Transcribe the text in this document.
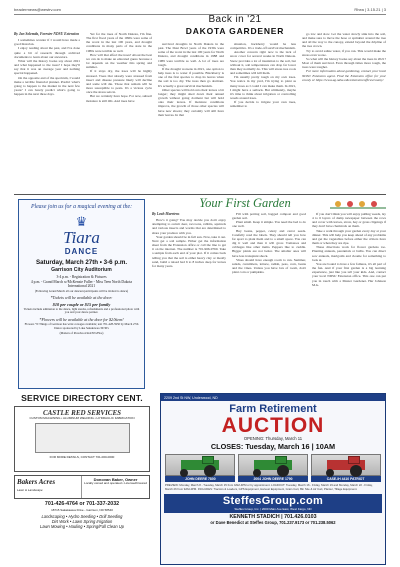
beadermews@westrv.com	Rhea | 3.15.21 | 3
Back in '21
DAKOTA GARDENER
By Jan Solemda, Forester NDSU Extension

I sometimes wonder if I would have made a good historian.

I enjoy reading about the past, and I've done quite a bit of research through archived documents to learn about our ancestors.

What will the history books say about 2021 and what happened to the trees? I hope they'll say that it was an average year and nothing special happened.

On the opposite end of the spectrum, I would make a terrible financial planner. Predict what's going to happen to the market in the next few years? I can barely predict what's going to happen in the next three days.

Yet for the trees of North Dakota, I'm fine. The first flood years of the 1990s were some of the worst in the last 100 years, and drought conditions in many parts of the state in the 1980s were terrible as well.

How will that affect the trees? About the best we can do is make an educated guess because a lot depends on the weather this spring and summer.

If it stays dry, the trees will be highly stressed. Trees that already were stressed from insect and disease pressure likely will decline and some will die. Those that remain will be more susceptible to pests. It's a vicious cycle once the stress sets in.

But we certainly have hope. For now, subsoil moisture is still OK. And trees have

survived droughts in North Dakota in the past. The Dust Bowl years of the 1930s were some of the worst in the last 100 years for North Dakota, and drought conditions in 1988 and 1989 were terrible as well. A lot of trees are tough.

If the drought worsens in 2021, one option to help trees is to water if possible. Blackberry is one of the first species to drop its leaves when the soil is too dry. The trees then go dormant. It's actually a great survival mechanism.

Other species will hold onto their leaves a bit longer; they might shed down their annual growth without going dormant but will hold onto their leaves. If moisture conditions improve, the growth of those other species will have new shoots; they certainly will still have their leaves. In that

situation, hackberry would be less competitive. It's a trade-off survival mechanism.

Another concern right now is the lack of snow cover for several weeks in North Dakota. Snow provides a lot of insulation to the soil, but without it, soil temperatures can drop far lower than they normally do. This will stress tree roots and sometimes will kill them.

I'm usually pretty tough on my own trees. You notice in my yard, I'm trying to plant as many trees as I could I can make them. In 2021, I might have a setback. But ultimately, maybe it's time to think about irrigation or controlling weeds around trees.

If you decide to irrigate your own trees, remember to

go low and slow. Let the water slowly sink into the soil, and make sure to move the hose or sprinkler around the tree and all the way to the canopy, extend beyond the dripline of the tree crown.

Try to avoid saline water, if you can. This would make the stress even worse.

So what will the history books say about the trees in 2021? Most of them survived. Even through times more tough, the trees were tougher.

For more information about gardening, contact your local NDSU Extension agent. Find the Extension office for your county or https://www.ag.ndsu.edu/extension/offices/county/

Please join us for a magical evening at the:
♛
Tiara
DANCE
Saturday, March 27th • 3-6 p.m.
Garrison City Auditorium
3-4 p.m. - Registration & Pictures
4 p.m. - Grand March w/McKenzie Fuller - Miss Teen North Dakota International 2021
(Following Grand March all our dancers/participants will be invited to dance)
*Tickets will be available at the door:
$10 per couple or $15 per family
Tickets include admission to the dance, light snacks, refreshments and a professional photo with you and your dance partner.
*Flowers will be available at the door for $2/Stem!
Flowers "N Things of Garrison has wrist corsages available; text 701-428-5950 by March 27th
Dance sponsored by Lake Sakakawea 30/30's
(Matters of Preschool/4x4/30's/Hoe)
Your First Garden
By Leah Maertens

How's it going? You may decide you don't enjoy attempting to outwit deer, raccoons, rabbits, squirrels and various insects and worms that are determined to share your produce with you.

Your garden should be in full sun. Now, take it out. Next get a soil sample. Either get the information sheet from the Extension office or call the line to get it on the internet. The number is 701-966-9760. Take a sample from each end of your plot. If it comes back telling you that the soil is either heavy clay or mostly sand, build a raised bed 6 to 8 inches deep for leaves for many years.

Fill with potting soil, bagged compost and good garden soil.

Plant small. Keep it simple. You need the bed to do one well.

Buy beans, pepper, celery and carrot seeds. Carefully read the labels. They should tell you how far apart to plant them and to a small space. You can dig it well and then it will grow. Tomatoes and cabbages like other items. Peppers like to cuddle. Bigger plants are not better. The smaller ones will have less transplant shock.

Vines should have enough room to run. Summer, salads, cucumbers, lettuce, radish, peas, corn, beans and the vines. Unless you have lots of room, don't plant corn or pumpkins.

If you don't think you will enjoy pulling weeds, lay 4 to 6 layers of damp newspaper between the rows and cover with leaves, straw, hay or grass clippings if they don't have chemicals on them.

Take a walk through your garden every day at your dinner. This will help you keep ahead of any problems and get the vegetables before either the critters have them or when they are ripe.

These directions work for flower gardens too. Planting annuals, perennials or bulbs. You can direct sow annuals, marigolds and cleome for something to look at.

You are bound to have a few failures, it's all part of the fun. And if your first garden is a big learning experience, just like you tell your kids. And, contact your local NDSU Extension office. This one can put you in touch with a Master Gardener. Her Johnson M.G.

SERVICE DIRECTORY CENT.
CASTLE RED SERVICES
CUSTOM MACHINING • ALUMINUM WELDING • HYDRAULIC FABRICATION
FOR MORE DETAILS, CONTACT 701-000-0000
Bakers Acres
Lawn & Landscape
Donovan Baker, Owner
Locally owned and operated • Licensed/insured
701-426-4764 or 701-337-2032
18715 Sakakawea Drive - Garrison, ND 58540
Landscaping • Hydro Seeding • Drill Seeding
Dirt Work • Lawn Spring Irrigation
Lawn Mowing • Hauling • Spring/Fall Clean Up
2209 2nd St NW, Underwood, ND
Farm Retirement
AUCTION
OPENING: Thursday, March 11
CLOSES: Tuesday, March 16 | 10AM
JOHN DEERE 7800	2004 JOHN DEERE 1790	CASE-IH 4410 PATRIOT
PREVIEW: Monday, March 8 - Tuesday, March 15 from 9AM-4PM or by appointment. LOADOUT: Tuesday, March 16 - Friday, March 19 and Monday, March 22 - Friday, March 26 from 9AM-4PM. INCLUDES: Tractors & Loaders, GPS Equipment, Harvest Equipment, Grain Cart, Bin Site & Air Cart, Planter, Tillage Equipment.
SteffesGroup.com
Steffes Group, Inc. | 2000 Main Ave East, West Fargo, ND
KENNETH STADICH | 701.426.0103
or Dave Benedict at Steffes Group, 701.237.9173 or 701.238.5062
